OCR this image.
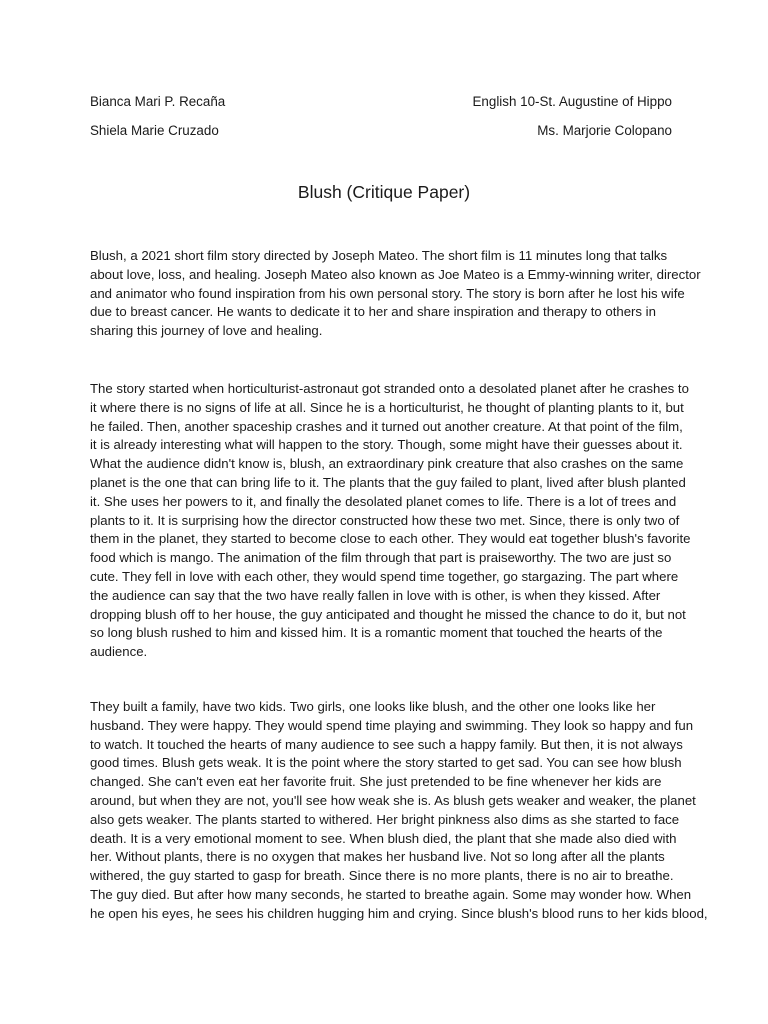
Bianca Mari P. Recaña	English 10-St. Augustine of Hippo
Shiela Marie Cruzado	Ms. Marjorie Colopano
Blush (Critique Paper)
Blush, a 2021 short film story directed by Joseph Mateo. The short film is 11 minutes long that talks
about love, loss, and healing. Joseph Mateo also known as Joe Mateo is a Emmy-winning writer, director
and animator who found inspiration from his own personal story. The story is born after he lost his wife
due to breast cancer. He wants to dedicate it to her and share inspiration and therapy to others in
sharing this journey of love and healing.
The story started when horticulturist-astronaut got stranded onto a desolated planet after he crashes to
it where there is no signs of life at all. Since he is a horticulturist, he thought of planting plants to it, but
he failed. Then, another spaceship crashes and it turned out another creature. At that point of the film,
it is already interesting what will happen to the story. Though, some might have their guesses about it.
What the audience didn't know is, blush, an extraordinary pink creature that also crashes on the same
planet is the one that can bring life to it. The plants that the guy failed to plant, lived after blush planted
it. She uses her powers to it, and finally the desolated planet comes to life. There is a lot of trees and
plants to it. It is surprising how the director constructed how these two met. Since, there is only two of
them in the planet, they started to become close to each other. They would eat together blush's favorite
food which is mango. The animation of the film through that part is praiseworthy. The two are just so
cute. They fell in love with each other, they would spend time together, go stargazing. The part where
the audience can say that the two have really fallen in love with is other, is when they kissed. After
dropping blush off to her house, the guy anticipated and thought he missed the chance to do it, but not
so long blush rushed to him and kissed him. It is a romantic moment that touched the hearts of the
audience.
They built a family, have two kids. Two girls, one looks like blush, and the other one looks like her
husband. They were happy. They would spend time playing and swimming. They look so happy and fun
to watch. It touched the hearts of many audience to see such a happy family. But then, it is not always
good times. Blush gets weak. It is the point where the story started to get sad. You can see how blush
changed. She can't even eat her favorite fruit. She just pretended to be fine whenever her kids are
around, but when they are not, you'll see how weak she is. As blush gets weaker and weaker, the planet
also gets weaker. The plants started to withered. Her bright pinkness also dims as she started to face
death. It is a very emotional moment to see. When blush died, the plant that she made also died with
her. Without plants, there is no oxygen that makes her husband live. Not so long after all the plants
withered, the guy started to gasp for breath. Since there is no more plants, there is no air to breathe.
The guy died. But after how many seconds, he started to breathe again. Some may wonder how. When
he open his eyes, he sees his children hugging him and crying. Since blush's blood runs to her kids blood,
